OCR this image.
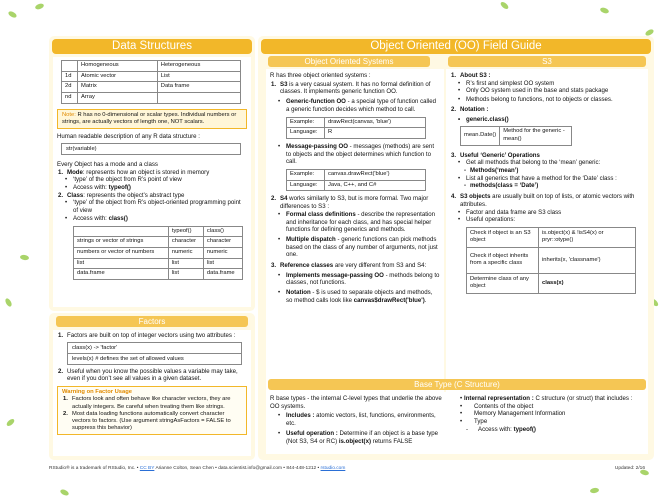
Data Structures
	Homogeneous	Heterogeneous
1d	Atomic vector	List
2d	Matrix	Data frame
nd	Array	
Note: R has no 0-dimensional or scalar types. Individual numbers or strings, are actually vectors of length one, NOT scalars.
Human readable description of any R data structure :
str(variable)
Every Object has a mode and a class
1. Mode: represents how an object is stored in memory
• ‘type’ of the object from R’s point of view
• Access with: typeof()
2. Class: represents the object’s abstract type
• ‘type’ of the object from R’s object-oriented programming point of view
• Access with: class()
	typeof()	class()
strings or vector of strings	character	character
numbers or vector of numbers	numeric	numeric
list	list	list
data.frame	list	data.frame
Factors
1. Factors are built on top of integer vectors using two attributes :
class(x) -> 'factor'
levels(x) # defines the set of allowed values
2. Useful when you know the possible values a variable may take, even if you don’t see all values in a given dataset.
Warning on Factor Usage
1. Factors look and often behave like character vectors, they are actually integers. Be careful when treating them like strings.
2. Most data loading functions automatically convert character vectors to factors. (Use argument stringAsFactors = FALSE to suppress this behavior)
Object Oriented (OO) Field Guide
Object Oriented Systems
R has three object oriented systems :
1. S3 is a very casual system. It has no formal definition of classes. It implements generic function OO.
• Generic-function OO - a special type of function called a generic function decides which method to call.
Example:	drawRect(canvas, 'blue')
Language:	R
• Message-passing OO - messages (methods) are sent to objects and the object determines which function to call.
Example:	canvas.drawRect('blue')
Language:	Java, C++, and C#
2. S4 works similarly to S3, but is more formal. Two major differences to S3 :
• Formal class definitions - describe the representation and inheritance for each class, and has special helper functions for defining generics and methods.
• Multiple dispatch - generic functions can pick methods based on the class of any number of arguments, not just one.
3. Reference classes are very different from S3 and S4:
• Implements message-passing OO - methods belong to classes, not functions.
• Notation - $ is used to separate objects and methods, so method calls look like canvas$drawRect('blue').
S3
1. About S3 :
• R’s first and simplest OO system
• Only OO system used in the base and stats package
• Methods belong to functions, not to objects or classes.
2. Notation :
• generic.class()
mean.Date()	Method for the generic - mean()
3. Useful ‘Generic’ Operations
• Get all methods that belong to the ‘mean’ generic:
- Methods(‘mean’)
• List all generics that have a method for the ‘Date’ class :
- methods(class = ‘Date’)
4. S3 objects are usually built on top of lists, or atomic vectors with attributes.
• Factor and data frame are S3 class
• Useful operations:
Check if object is an S3 object	is.object(x) & !isS4(x) or pryr::otype()
Check if object inherits from a specific class	inherits(x, 'classname')
Determine class of any object	class(x)
Base Type (C Structure)
R base types - the internal C-level types that underlie the above OO systems.
• Includes : atomic vectors, list, functions, environments, etc.
• Useful operation : Determine if an object is a base type (Not S3, S4 or RC) is.object(x) returns FALSE
• Internal representation : C structure (or struct) that includes :
• Contents of the object
• Memory Management Information
• Type
- Access with: typeof()
RStudio® is a trademark of RStudio, Inc. • CC BY Arianne Colton, Sean Chen • data.scientist.info@gmail.com • 844-448-1212 • rstudio.com	Updated: 2/16
